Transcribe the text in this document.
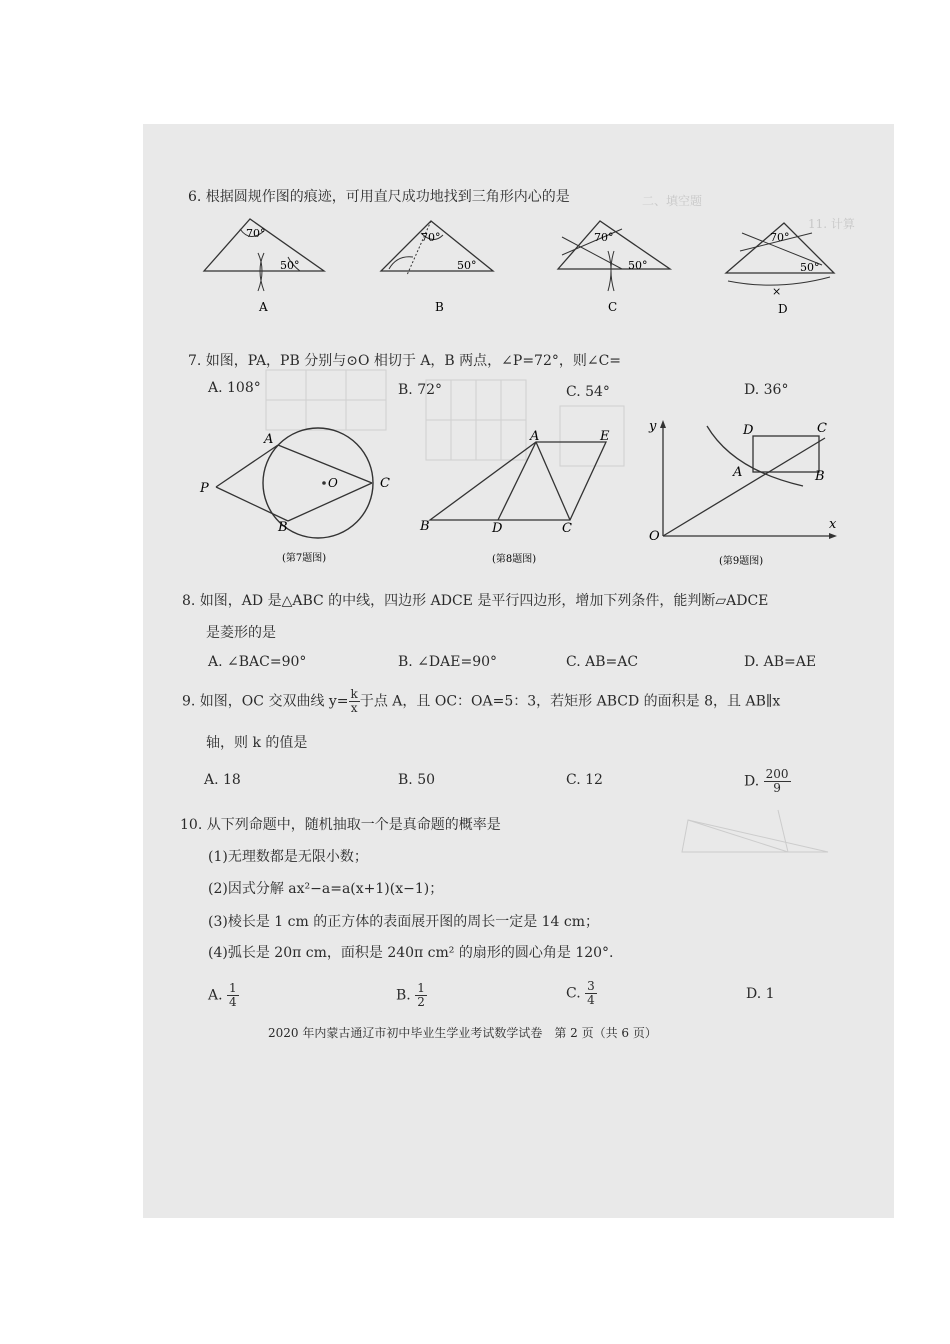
二、填空题
11. 计算
6. 根据圆规作图的痕迹，可用直尺成功地找到三角形内心的是
70°
50°
A
70°
50°
B
70°
50°
C
×
70°
50°
D
7. 如图，PA，PB 分别与⊙O 相切于 A，B 两点，∠P=72°，则∠C=
A. 108°	B. 72°	C. 54°	D. 36°
A
P	O	C
B
(第7题图)
A	E
B	D	C
(第8题图)
y	D	C
A	B
O
x
(第9题图)
8. 如图，AD 是△ABC 的中线，四边形 ADCE 是平行四边形，增加下列条件，能判断▱ADCE
是菱形的是
A. ∠BAC=90°	B. ∠DAE=90°	C. AB=AC	D. AB=AE
9. 如图，OC 交双曲线 $y= \frac{k}{x}$ 于点 A，且 OC：OA=5：3，若矩形 ABCD 的面积是 8，且 AB∥x
轴，则 k 的值是
A. 18	B. 50	C. 12	D. $\frac{200}{9}$
10. 从下列命题中，随机抽取一个是真命题的概率是
(1)无理数都是无限小数；
(2)因式分解 ax²−a=a(x+1)(x−1)；
(3)棱长是 1 cm 的正方体的表面展开图的周长一定是 14 cm；
(4)弧长是 20π cm，面积是 240π cm² 的扇形的圆心角是 120°.
A. $\frac{1}{4}$	B. $\frac{1}{2}$	C. $\frac{3}{4}$	D. 1
2020 年内蒙古通辽市初中毕业生学业考试数学试卷　第 2 页（共 6 页）
